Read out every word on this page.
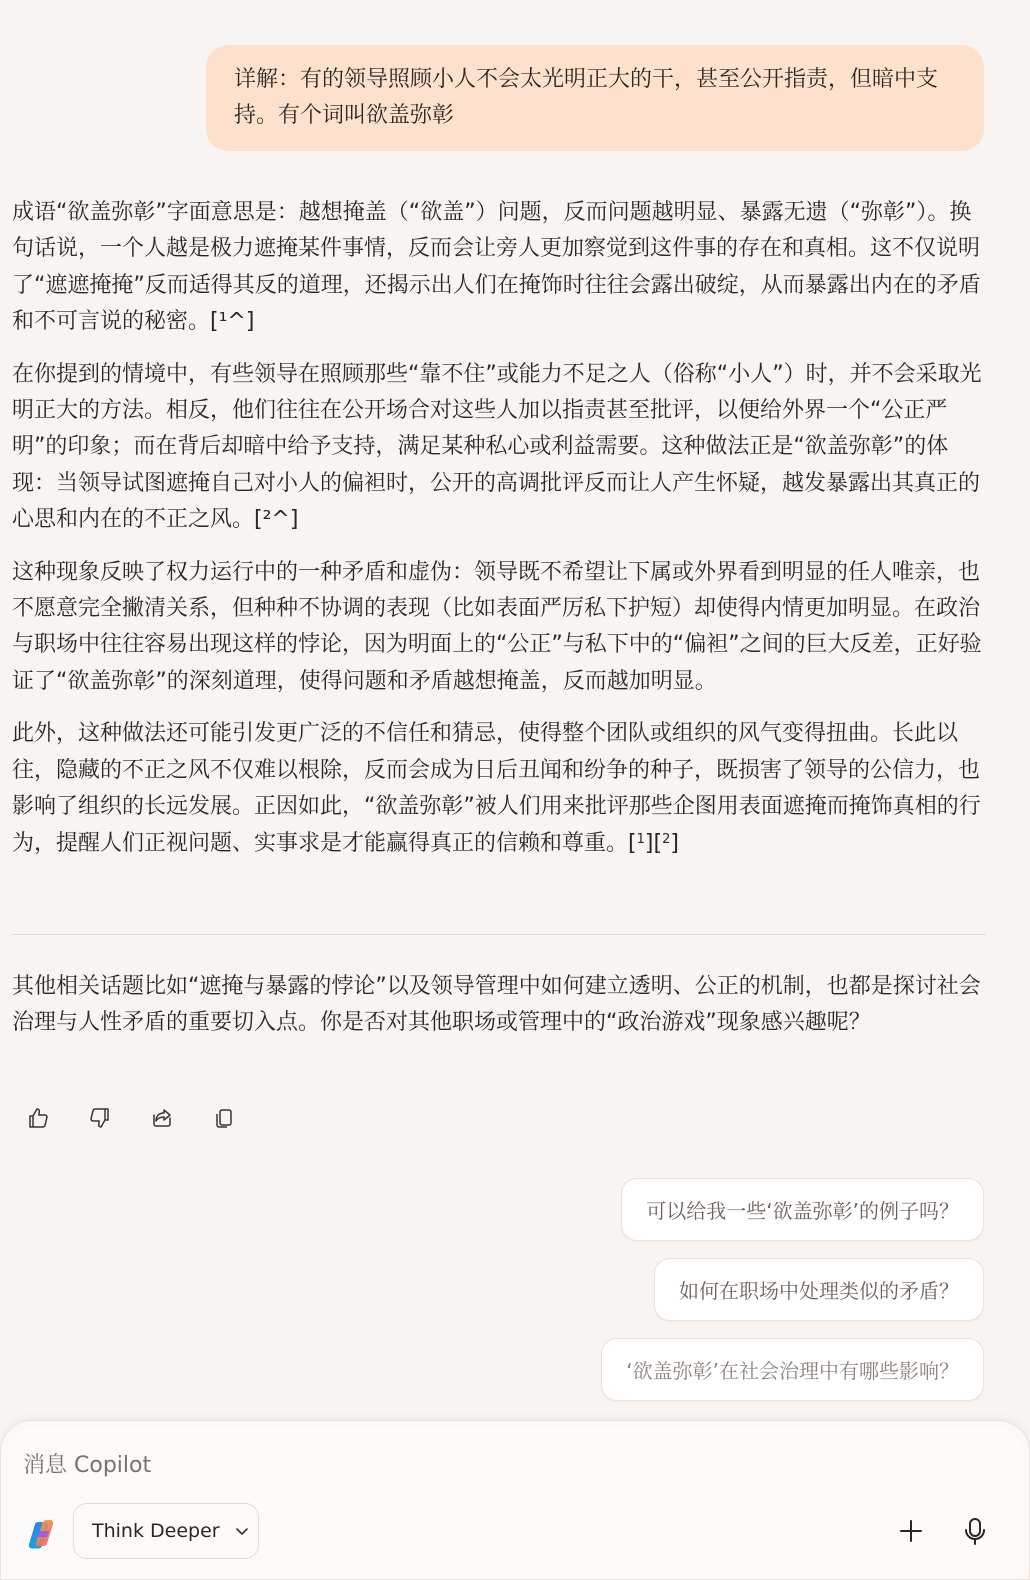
详解：有的领导照顾小人不会太光明正大的干，甚至公开指责，但暗中支持。有个词叫欲盖弥彰

成语“欲盖弥彰”字面意思是：越想掩盖（“欲盖”）问题，反而问题越明显、暴露无遗（“弥彰”）。换句话说，一个人越是极力遮掩某件事情，反而会让旁人更加察觉到这件事的存在和真相。这不仅说明了“遮遮掩掩”反而适得其反的道理，还揭示出人们在掩饰时往往会露出破绽，从而暴露出内在的矛盾和不可言说的秘密。[¹^]

在你提到的情境中，有些领导在照顾那些“靠不住”或能力不足之人（俗称“小人”）时，并不会采取光明正大的方法。相反，他们往往在公开场合对这些人加以指责甚至批评，以便给外界一个“公正严明”的印象；而在背后却暗中给予支持，满足某种私心或利益需要。这种做法正是“欲盖弥彰”的体现：当领导试图遮掩自己对小人的偏袒时，公开的高调批评反而让人产生怀疑，越发暴露出其真正的心思和内在的不正之风。[²^]

这种现象反映了权力运行中的一种矛盾和虚伪：领导既不希望让下属或外界看到明显的任人唯亲，也不愿意完全撇清关系，但种种不协调的表现（比如表面严厉私下护短）却使得内情更加明显。在政治与职场中往往容易出现这样的悖论，因为明面上的“公正”与私下中的“偏袒”之间的巨大反差，正好验证了“欲盖弥彰”的深刻道理，使得问题和矛盾越想掩盖，反而越加明显。

此外，这种做法还可能引发更广泛的不信任和猜忌，使得整个团队或组织的风气变得扭曲。长此以往，隐藏的不正之风不仅难以根除，反而会成为日后丑闻和纷争的种子，既损害了领导的公信力，也影响了组织的长远发展。正因如此，“欲盖弥彰”被人们用来批评那些企图用表面遮掩而掩饰真相的行为，提醒人们正视问题、实事求是才能赢得真正的信赖和尊重。[$^1$][$^2$]

其他相关话题比如“遮掩与暴露的悖论”以及领导管理中如何建立透明、公正的机制，也都是探讨社会治理与人性矛盾的重要切入点。你是否对其他职场或管理中的“政治游戏”现象感兴趣呢？
可以给我一些‘欲盖弥彰’的例子吗？
如何在职场中处理类似的矛盾？
‘欲盖弥彰’在社会治理中有哪些影响？
消息 Copilot
Think Deeper
